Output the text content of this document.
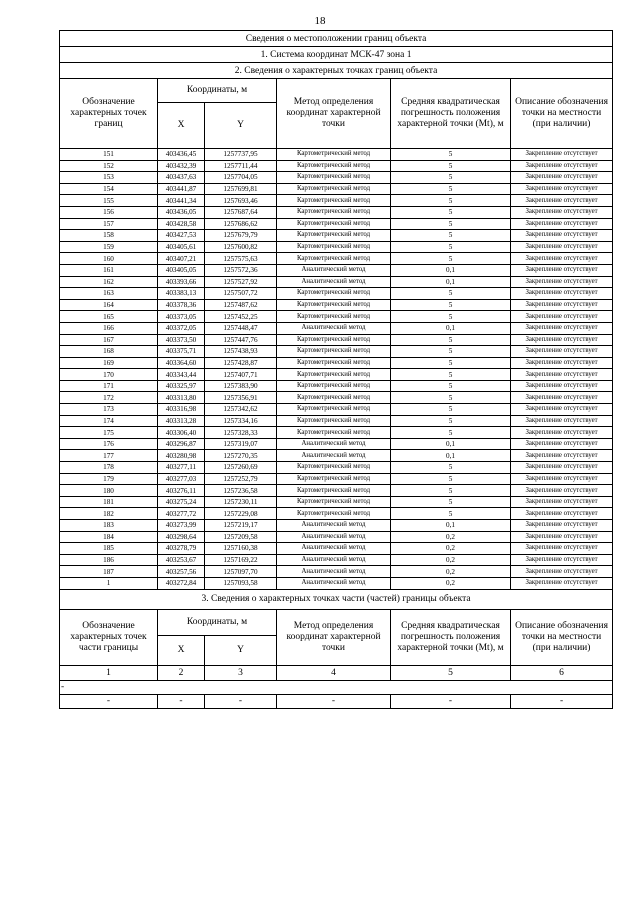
18
Сведения о местоположении границ объекта					
1. Система координат МСК-47 зона 1					
2. Сведения о характерных точках границ объекта					
Обозначение характерных точек границ	Координаты, м		Метод определения координат характерной точки	Средняя квадратическая погрешность положения характерной точки (Mt), м	Описание обозначения точки на местности (при наличии)
	X	Y			
151	403436,45	1257737,95	Картометрический метод	5	Закрепление отсутствует
152	403432,39	1257711,44	Картометрический метод	5	Закрепление отсутствует
153	403437,63	1257704,05	Картометрический метод	5	Закрепление отсутствует
154	403441,87	1257699,81	Картометрический метод	5	Закрепление отсутствует
155	403441,34	1257693,46	Картометрический метод	5	Закрепление отсутствует
156	403436,05	1257687,64	Картометрический метод	5	Закрепление отсутствует
157	403428,58	1257686,62	Картометрический метод	5	Закрепление отсутствует
158	403427,53	1257679,79	Картометрический метод	5	Закрепление отсутствует
159	403405,61	1257600,82	Картометрический метод	5	Закрепление отсутствует
160	403407,21	1257575,63	Картометрический метод	5	Закрепление отсутствует
161	403405,05	1257572,36	Аналитический метод	0,1	Закрепление отсутствует
162	403393,66	1257527,92	Аналитический метод	0,1	Закрепление отсутствует
163	403383,13	1257507,72	Картометрический метод	5	Закрепление отсутствует
164	403378,36	1257487,62	Картометрический метод	5	Закрепление отсутствует
165	403373,05	1257452,25	Картометрический метод	5	Закрепление отсутствует
166	403372,05	1257448,47	Аналитический метод	0,1	Закрепление отсутствует
167	403373,50	1257447,76	Картометрический метод	5	Закрепление отсутствует
168	403375,71	1257438,93	Картометрический метод	5	Закрепление отсутствует
169	403364,60	1257428,87	Картометрический метод	5	Закрепление отсутствует
170	403343,44	1257407,71	Картометрический метод	5	Закрепление отсутствует
171	403325,97	1257383,90	Картометрический метод	5	Закрепление отсутствует
172	403313,80	1257356,91	Картометрический метод	5	Закрепление отсутствует
173	403316,98	1257342,62	Картометрический метод	5	Закрепление отсутствует
174	403313,28	1257334,16	Картометрический метод	5	Закрепление отсутствует
175	403306,40	1257328,33	Картометрический метод	5	Закрепление отсутствует
176	403296,87	1257319,07	Аналитический метод	0,1	Закрепление отсутствует
177	403280,98	1257270,35	Аналитический метод	0,1	Закрепление отсутствует
178	403277,11	1257260,69	Картометрический метод	5	Закрепление отсутствует
179	403277,03	1257252,79	Картометрический метод	5	Закрепление отсутствует
180	403276,11	1257236,58	Картометрический метод	5	Закрепление отсутствует
181	403275,24	1257230,11	Картометрический метод	5	Закрепление отсутствует
182	403277,72	1257229,08	Картометрический метод	5	Закрепление отсутствует
183	403273,99	1257219,17	Аналитический метод	0,1	Закрепление отсутствует
184	403298,64	1257209,58	Аналитический метод	0,2	Закрепление отсутствует
185	403278,79	1257160,38	Аналитический метод	0,2	Закрепление отсутствует
186	403253,67	1257169,22	Аналитический метод	0,2	Закрепление отсутствует
187	403257,56	1257097,70	Аналитический метод	0,2	Закрепление отсутствует
1	403272,84	1257093,58	Аналитический метод	0,2	Закрепление отсутствует
3. Сведения о характерных точках части (частей) границы объекта					
Обозначение характерных точек части границы	Координаты, м		Метод определения координат характерной точки	Средняя квадратическая погрешность положения характерной точки (Mt), м	Описание обозначения точки на местности (при наличии)
	X	Y			
1	2	3	4	5	6
-					
-	-	-	-	-	-
